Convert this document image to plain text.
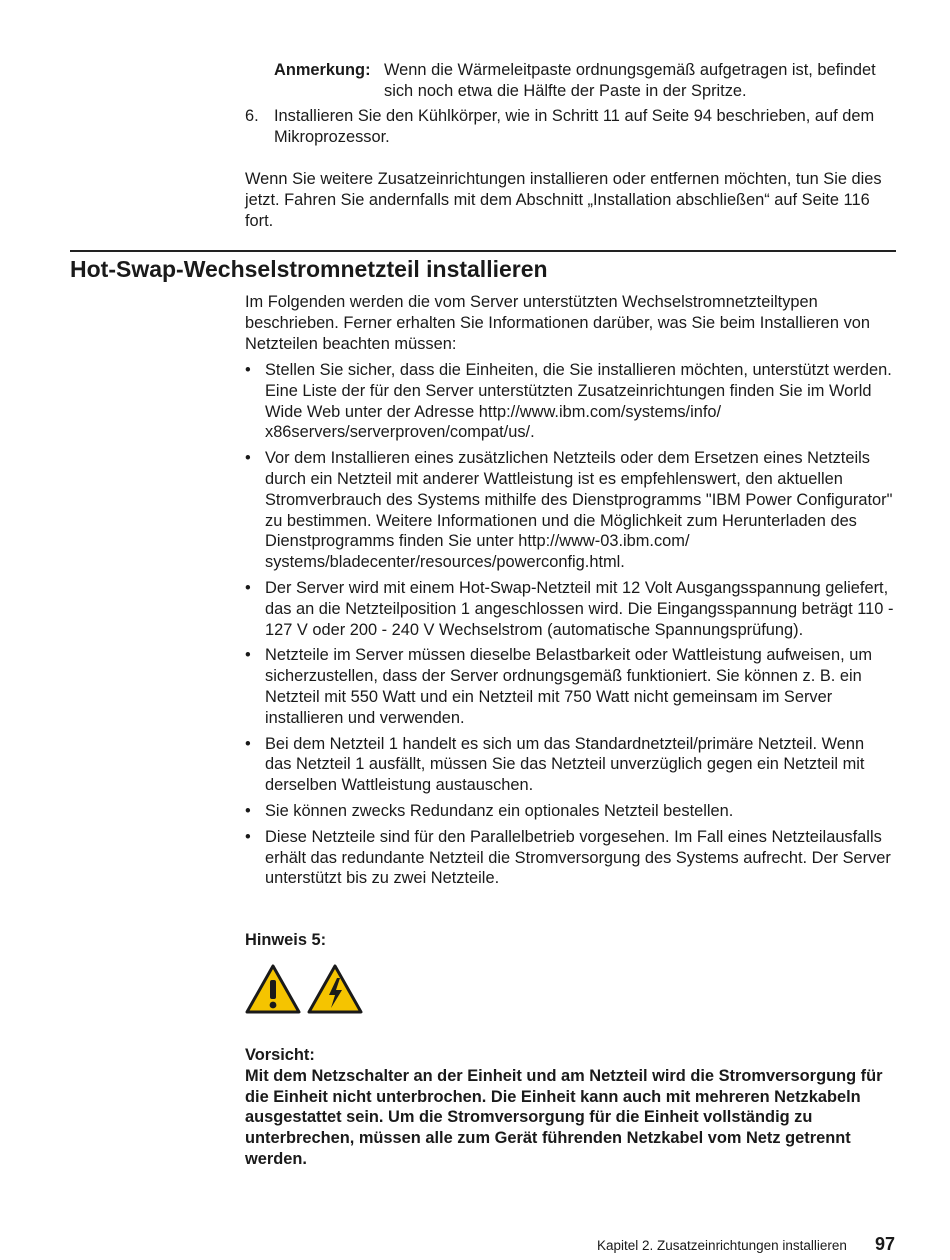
Anmerkung: Wenn die Wärmeleitpaste ordnungsgemäß aufgetragen ist, befindet sich noch etwa die Hälfte der Paste in der Spritze.
6. Installieren Sie den Kühlkörper, wie in Schritt 11 auf Seite 94 beschrieben, auf dem Mikroprozessor.

Wenn Sie weitere Zusatzeinrichtungen installieren oder entfernen möchten, tun Sie dies jetzt. Fahren Sie andernfalls mit dem Abschnitt „Installation abschließen“ auf Seite 116 fort.

Hot-Swap-Wechselstromnetzteil installieren

Im Folgenden werden die vom Server unterstützten Wechselstromnetzteiltypen beschrieben. Ferner erhalten Sie Informationen darüber, was Sie beim Installieren von Netzteilen beachten müssen:

• Stellen Sie sicher, dass die Einheiten, die Sie installieren möchten, unterstützt werden. Eine Liste der für den Server unterstützten Zusatzeinrichtungen finden Sie im World Wide Web unter der Adresse http://www.ibm.com/systems/info/ x86servers/serverproven/compat/us/.
• Vor dem Installieren eines zusätzlichen Netzteils oder dem Ersetzen eines Netzteils durch ein Netzteil mit anderer Wattleistung ist es empfehlenswert, den aktuellen Stromverbrauch des Systems mithilfe des Dienstprogramms "IBM Power Configurator" zu bestimmen. Weitere Informationen und die Möglichkeit zum Herunterladen des Dienstprogramms finden Sie unter http://www-03.ibm.com/ systems/bladecenter/resources/powerconfig.html.
• Der Server wird mit einem Hot-Swap-Netzteil mit 12 Volt Ausgangsspannung geliefert, das an die Netzteilposition 1 angeschlossen wird. Die Eingangsspannung beträgt 110 - 127 V oder 200 - 240 V Wechselstrom (automatische Spannungsprüfung).
• Netzteile im Server müssen dieselbe Belastbarkeit oder Wattleistung aufweisen, um sicherzustellen, dass der Server ordnungsgemäß funktioniert. Sie können z. B. ein Netzteil mit 550 Watt und ein Netzteil mit 750 Watt nicht gemeinsam im Server installieren und verwenden.
• Bei dem Netzteil 1 handelt es sich um das Standardnetzteil/primäre Netzteil. Wenn das Netzteil 1 ausfällt, müssen Sie das Netzteil unverzüglich gegen ein Netzteil mit derselben Wattleistung austauschen.
• Sie können zwecks Redundanz ein optionales Netzteil bestellen.
• Diese Netzteile sind für den Parallelbetrieb vorgesehen. Im Fall eines Netzteilausfalls erhält das redundante Netzteil die Stromversorgung des Systems aufrecht. Der Server unterstützt bis zu zwei Netzteile.
Hinweis 5:
Vorsicht:
Mit dem Netzschalter an der Einheit und am Netzteil wird die Stromversorgung für die Einheit nicht unterbrochen. Die Einheit kann auch mit mehreren Netzkabeln ausgestattet sein. Um die Stromversorgung für die Einheit vollständig zu unterbrechen, müssen alle zum Gerät führenden Netzkabel vom Netz getrennt werden.
Kapitel 2. Zusatzeinrichtungen installieren 97
